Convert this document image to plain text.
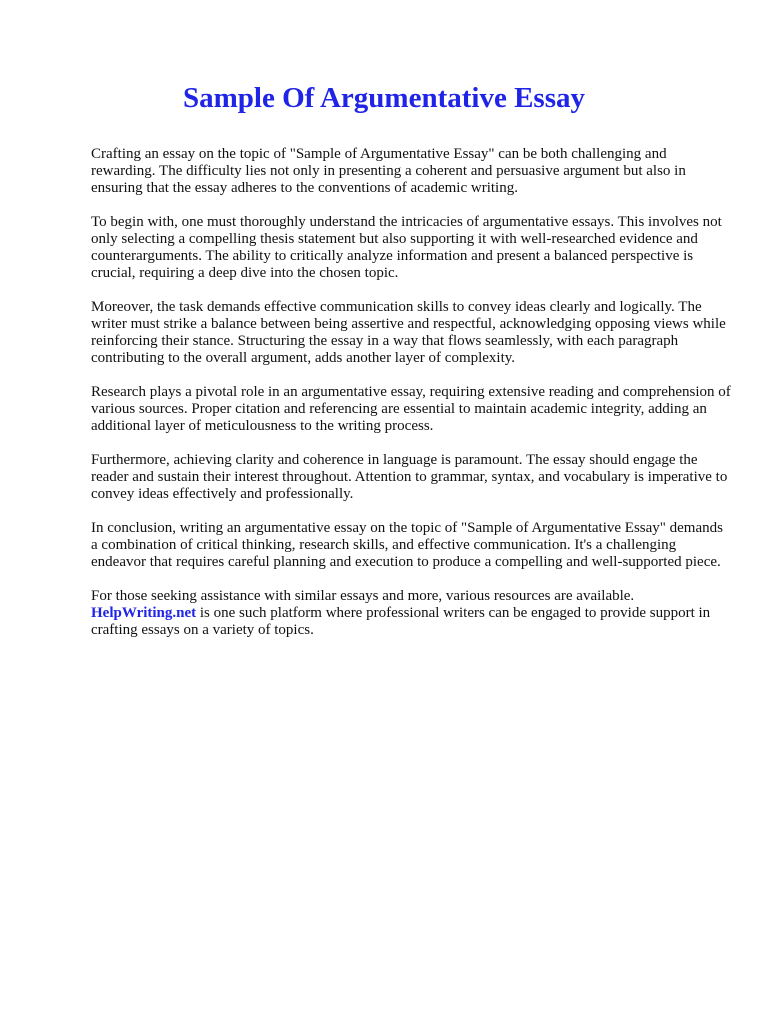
Sample Of Argumentative Essay

Crafting an essay on the topic of "Sample of Argumentative Essay" can be both challenging and rewarding. The difficulty lies not only in presenting a coherent and persuasive argument but also in ensuring that the essay adheres to the conventions of academic writing.

To begin with, one must thoroughly understand the intricacies of argumentative essays. This involves not only selecting a compelling thesis statement but also supporting it with well-researched evidence and counterarguments. The ability to critically analyze information and present a balanced perspective is crucial, requiring a deep dive into the chosen topic.

Moreover, the task demands effective communication skills to convey ideas clearly and logically. The writer must strike a balance between being assertive and respectful, acknowledging opposing views while reinforcing their stance. Structuring the essay in a way that flows seamlessly, with each paragraph contributing to the overall argument, adds another layer of complexity.

Research plays a pivotal role in an argumentative essay, requiring extensive reading and comprehension of various sources. Proper citation and referencing are essential to maintain academic integrity, adding an additional layer of meticulousness to the writing process.

Furthermore, achieving clarity and coherence in language is paramount. The essay should engage the reader and sustain their interest throughout. Attention to grammar, syntax, and vocabulary is imperative to convey ideas effectively and professionally.

In conclusion, writing an argumentative essay on the topic of "Sample of Argumentative Essay" demands a combination of critical thinking, research skills, and effective communication. It's a challenging endeavor that requires careful planning and execution to produce a compelling and well-supported piece.

For those seeking assistance with similar essays and more, various resources are available.
HelpWriting.net is one such platform where professional writers can be engaged to provide support in crafting essays on a variety of topics.
